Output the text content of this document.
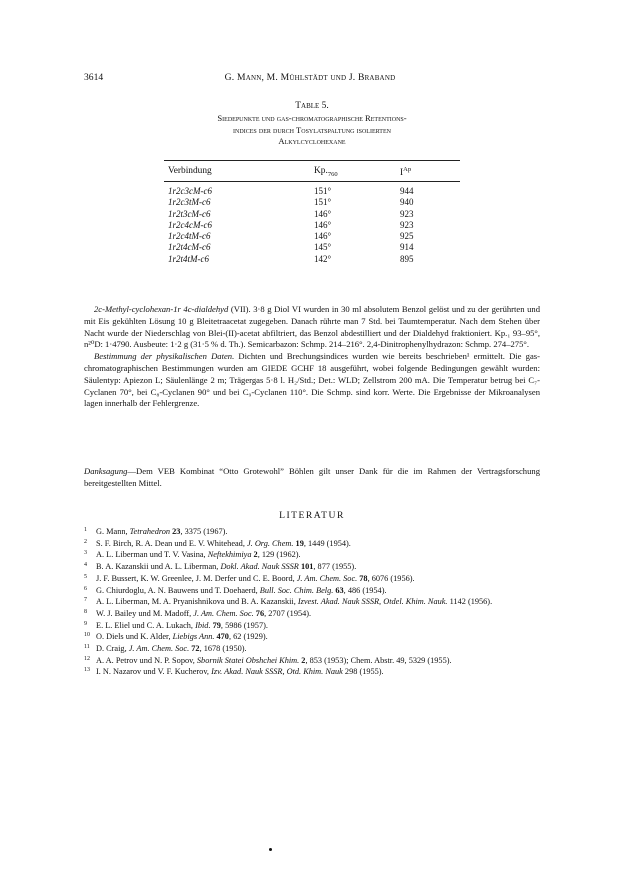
3614	G. Mann, M. Mühlstädt und J. Braband
Table 5.
Siedepunkte und gas-chromatographische Retentions-
indices der durch Tosylatspaltung isolierten
Alkylcyclohexane
Verbindung	$Kp._{760}$	$I^{Ap}$
1r2c3cM-c6	151°	944
1r2c3tM-c6	151°	940
1r2t3cM-c6	146°	923
1r2c4cM-c6	146°	923
1r2c4tM-c6	146°	925
1r2t4cM-c6	145°	914
1r2t4tM-c6	142°	895

2c-Methyl-cyclohexan-1r 4c-dialdehyd (VII). 3·8 g Diol VI wurden in 30 ml absolutem Benzol gelöst und zu der gerührten und mit Eis gekühlten Lösung 10 g Bleitetraacetat zugegeben. Danach rührte man 7 Std. bei Taumtemperatur. Nach dem Stehen über Nacht wurde der Niederschlag von Blei-(II)-acetat abfiltriert, das Benzol abdestilliert und der Dialdehyd fraktioniert. Kp.₁ 93–95°, n²⁰D: 1·4790. Ausbeute: 1·2 g (31·5 % d. Th.). Semicarbazon: Schmp. 214–216°. 2,4-Dinitrophenylhydrazon: Schmp. 274–275°.

Bestimmung der physikalischen Daten. Dichten und Brechungsindices wurden wie bereits beschrieben¹ ermittelt. Die gas-chromatographischen Bestimmungen wurden am GIEDE GCHF 18 ausgeführt, wobei folgende Bedingungen gewählt wurden: Säulentyp: Apiezon L; Säulenlänge 2 m; Trägergas 5·8 l. H₂/Std.; Det.: WLD; Zellstrom 200 mA. Die Temperatur betrug bei C₇-Cyclanen 70°, bei C₈-Cyclanen 90° und bei C₉-Cyclanen 110°. Die Schmp. sind korr. Werte. Die Ergebnisse der Mikroanalysen lagen innerhalb der Fehlergrenze.

Danksagung—Dem VEB Kombinat “Otto Grotewohl” Böhlen gilt unser Dank für die im Rahmen der Vertragsforschung bereitgestellten Mittel.

LITERATUR
1 G. Mann, Tetrahedron 23, 3375 (1967).
2 S. F. Birch, R. A. Dean und E. V. Whitehead, J. Org. Chem. 19, 1449 (1954).
3 A. L. Liberman und T. V. Vasina, Neftekhimiya 2, 129 (1962).
4 B. A. Kazanskii und A. L. Liberman, Dokl. Akad. Nauk SSSR 101, 877 (1955).
5 J. F. Bussert, K. W. Greenlee, J. M. Derfer und C. E. Boord, J. Am. Chem. Soc. 78, 6076 (1956).
6 G. Chiurdoglu, A. N. Bauwens und T. Doehaerd, Bull. Soc. Chim. Belg. 63, 486 (1954).
7 A. L. Liberman, M. A. Pryanishnikova und B. A. Kazanskii, Izvest. Akad. Nauk SSSR, Otdel. Khim. Nauk. 1142 (1956).
8 W. J. Bailey und M. Madoff, J. Am. Chem. Soc. 76, 2707 (1954).
9 E. L. Eliel und C. A. Lukach, Ibid. 79, 5986 (1957).
10 O. Diels und K. Alder, Liebigs Ann. 470, 62 (1929).
11 D. Craig, J. Am. Chem. Soc. 72, 1678 (1950).
12 A. A. Petrov und N. P. Sopov, Sbornik Statei Obshchei Khim. 2, 853 (1953); Chem. Abstr. 49, 5329 (1955).
13 I. N. Nazarov und V. F. Kucherov, Izv. Akad. Nauk SSSR, Otd. Khim. Nauk 298 (1955).
